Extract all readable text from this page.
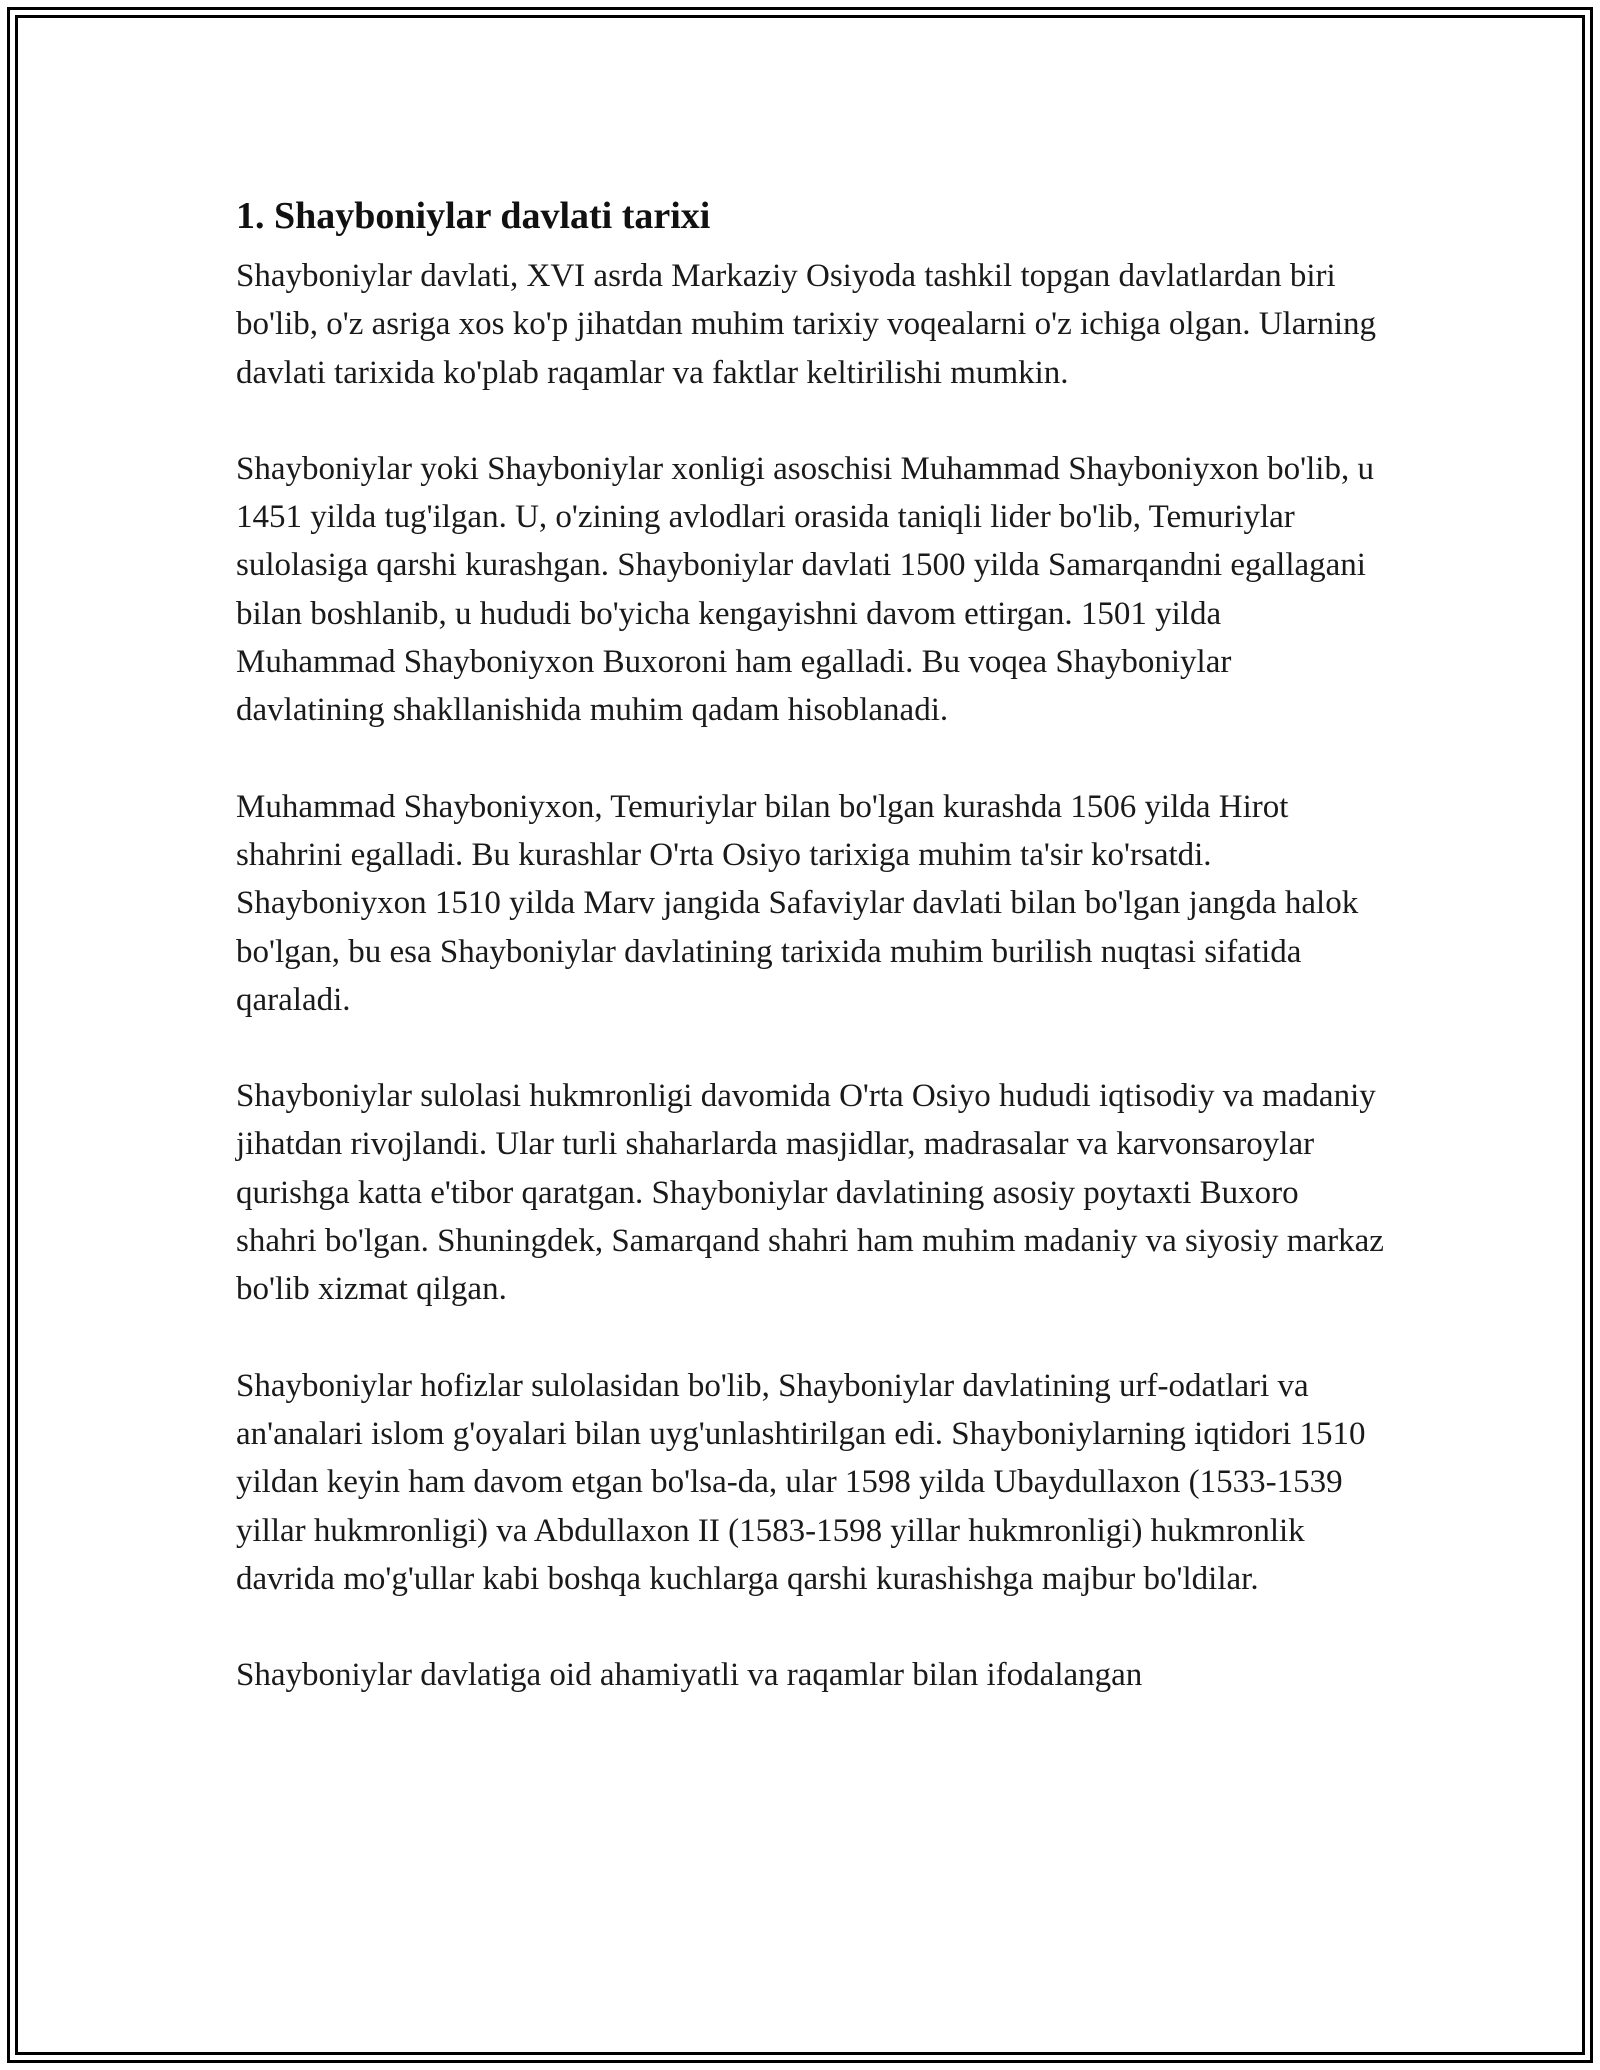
1. Shayboniylar davlati tarixi

Shayboniylar davlati, XVI asrda Markaziy Osiyoda tashkil topgan davlatlardan biri bo'lib, o'z asriga xos ko'p jihatdan muhim tarixiy voqealarni o'z ichiga olgan. Ularning davlati tarixida ko'plab raqamlar va faktlar keltirilishi mumkin.

Shayboniylar yoki Shayboniylar xonligi asoschisi Muhammad Shayboniyxon bo'lib, u 1451 yilda tug'ilgan. U, o'zining avlodlari orasida taniqli lider bo'lib, Temuriylar sulolasiga qarshi kurashgan. Shayboniylar davlati 1500 yilda Samarqandni egallagani bilan boshlanib, u hududi bo'yicha kengayishni davom ettirgan. 1501 yilda Muhammad Shayboniyxon Buxoroni ham egalladi. Bu voqea Shayboniylar davlatining shakllanishida muhim qadam hisoblanadi.

Muhammad Shayboniyxon, Temuriylar bilan bo'lgan kurashda 1506 yilda Hirot shahrini egalladi. Bu kurashlar O'rta Osiyo tarixiga muhim ta'sir ko'rsatdi. Shayboniyxon 1510 yilda Marv jangida Safaviylar davlati bilan bo'lgan jangda halok bo'lgan, bu esa Shayboniylar davlatining tarixida muhim burilish nuqtasi sifatida qaraladi.

Shayboniylar sulolasi hukmronligi davomida O'rta Osiyo hududi iqtisodiy va madaniy jihatdan rivojlandi. Ular turli shaharlarda masjidlar, madrasalar va karvonsaroylar qurishga katta e'tibor qaratgan. Shayboniylar davlatining asosiy poytaxti Buxoro shahri bo'lgan. Shuningdek, Samarqand shahri ham muhim madaniy va siyosiy markaz bo'lib xizmat qilgan.

Shayboniylar hofizlar sulolasidan bo'lib, Shayboniylar davlatining urf-odatlari va an'analari islom g'oyalari bilan uyg'unlashtirilgan edi. Shayboniylarning iqtidori 1510 yildan keyin ham davom etgan bo'lsa-da, ular 1598 yilda Ubaydullaxon (1533-1539 yillar hukmronligi) va Abdullaxon II (1583-1598 yillar hukmronligi) hukmronlik davrida mo'g'ullar kabi boshqa kuchlarga qarshi kurashishga majbur bo'ldilar.

Shayboniylar davlatiga oid ahamiyatli va raqamlar bilan ifodalangan
